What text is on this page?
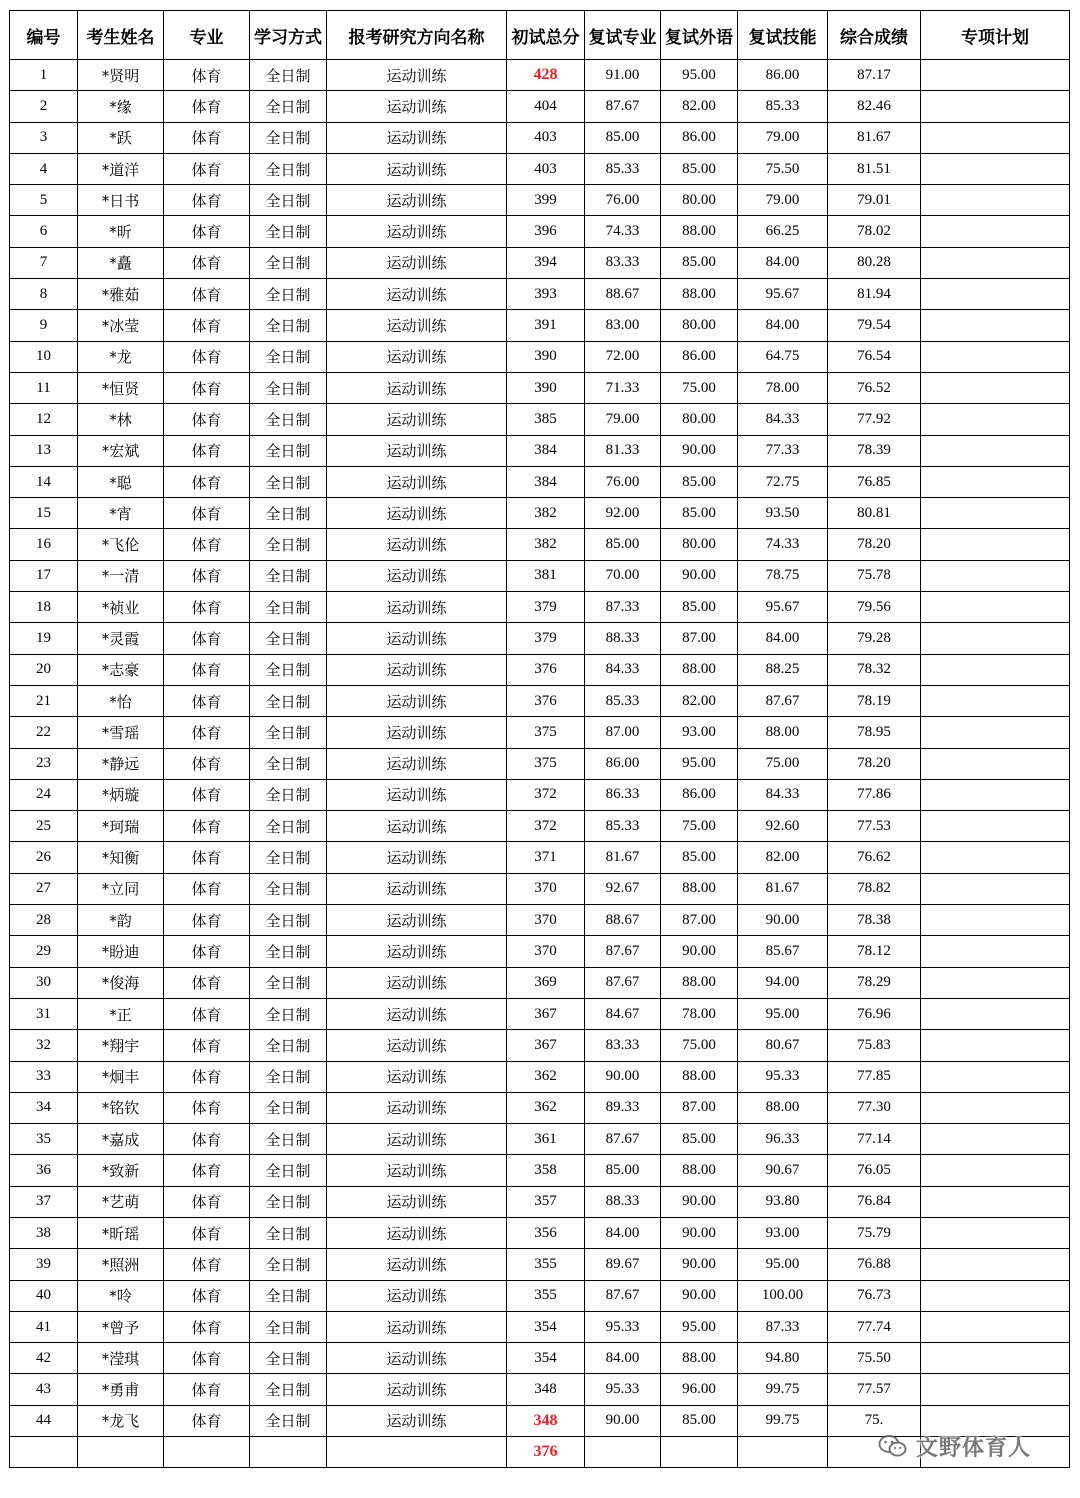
编号	考生姓名	专业	学习方式	报考研究方向名称	初试总分	复试专业	复试外语	复试技能	综合成绩	专项计划
1	*贤明	体育	全日制	运动训练	428	91.00	95.00	86.00	87.17	
2	*缘	体育	全日制	运动训练	404	87.67	82.00	85.33	82.46	
3	*跃	体育	全日制	运动训练	403	85.00	86.00	79.00	81.67	
4	*道洋	体育	全日制	运动训练	403	85.33	85.00	75.50	81.51	
5	*日书	体育	全日制	运动训练	399	76.00	80.00	79.00	79.01	
6	*昕	体育	全日制	运动训练	396	74.33	88.00	66.25	78.02	
7	*矗	体育	全日制	运动训练	394	83.33	85.00	84.00	80.28	
8	*雅茹	体育	全日制	运动训练	393	88.67	88.00	95.67	81.94	
9	*冰莹	体育	全日制	运动训练	391	83.00	80.00	84.00	79.54	
10	*龙	体育	全日制	运动训练	390	72.00	86.00	64.75	76.54	
11	*恒贤	体育	全日制	运动训练	390	71.33	75.00	78.00	76.52	
12	*林	体育	全日制	运动训练	385	79.00	80.00	84.33	77.92	
13	*宏斌	体育	全日制	运动训练	384	81.33	90.00	77.33	78.39	
14	*聪	体育	全日制	运动训练	384	76.00	85.00	72.75	76.85	
15	*宵	体育	全日制	运动训练	382	92.00	85.00	93.50	80.81	
16	*飞伦	体育	全日制	运动训练	382	85.00	80.00	74.33	78.20	
17	*一清	体育	全日制	运动训练	381	70.00	90.00	78.75	75.78	
18	*祯业	体育	全日制	运动训练	379	87.33	85.00	95.67	79.56	
19	*灵霞	体育	全日制	运动训练	379	88.33	87.00	84.00	79.28	
20	*志豪	体育	全日制	运动训练	376	84.33	88.00	88.25	78.32	
21	*怡	体育	全日制	运动训练	376	85.33	82.00	87.67	78.19	
22	*雪瑶	体育	全日制	运动训练	375	87.00	93.00	88.00	78.95	
23	*静远	体育	全日制	运动训练	375	86.00	95.00	75.00	78.20	
24	*炳璇	体育	全日制	运动训练	372	86.33	86.00	84.33	77.86	
25	*珂瑞	体育	全日制	运动训练	372	85.33	75.00	92.60	77.53	
26	*知衡	体育	全日制	运动训练	371	81.67	85.00	82.00	76.62	
27	*立同	体育	全日制	运动训练	370	92.67	88.00	81.67	78.82	
28	*韵	体育	全日制	运动训练	370	88.67	87.00	90.00	78.38	
29	*盼迪	体育	全日制	运动训练	370	87.67	90.00	85.67	78.12	
30	*俊海	体育	全日制	运动训练	369	87.67	88.00	94.00	78.29	
31	*正	体育	全日制	运动训练	367	84.67	78.00	95.00	76.96	
32	*翔宇	体育	全日制	运动训练	367	83.33	75.00	80.67	75.83	
33	*炯丰	体育	全日制	运动训练	362	90.00	88.00	95.33	77.85	
34	*铭钦	体育	全日制	运动训练	362	89.33	87.00	88.00	77.30	
35	*嘉成	体育	全日制	运动训练	361	87.67	85.00	96.33	77.14	
36	*致新	体育	全日制	运动训练	358	85.00	88.00	90.67	76.05	
37	*艺萌	体育	全日制	运动训练	357	88.33	90.00	93.80	76.84	
38	*昕瑶	体育	全日制	运动训练	356	84.00	90.00	93.00	75.79	
39	*照洲	体育	全日制	运动训练	355	89.67	90.00	95.00	76.88	
40	*呤	体育	全日制	运动训练	355	87.67	90.00	100.00	76.73	
41	*曾予	体育	全日制	运动训练	354	95.33	95.00	87.33	77.74	
42	*滢琪	体育	全日制	运动训练	354	84.00	88.00	94.80	75.50	
43	*勇甫	体育	全日制	运动训练	348	95.33	96.00	99.75	77.57	
44	*龙飞	体育	全日制	运动训练	348	90.00	85.00	99.75	75.	
					376						文野体育人
